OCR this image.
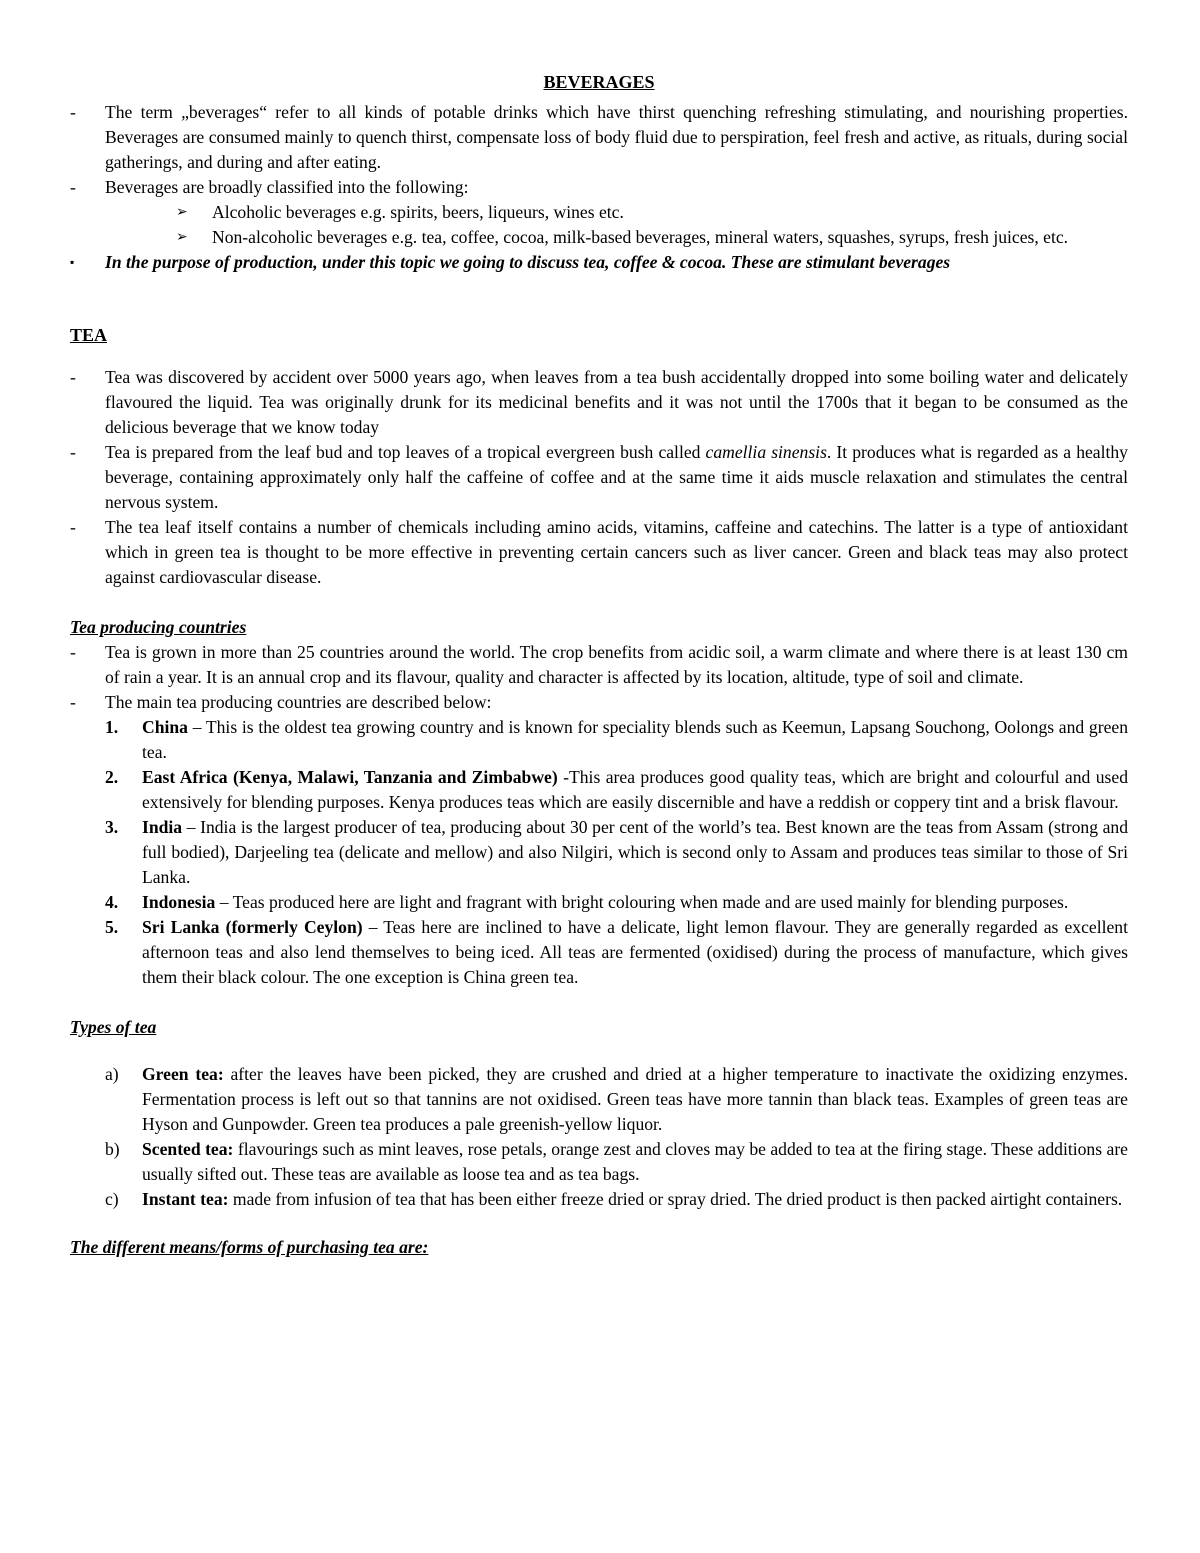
BEVERAGES
- The term „beverages“ refer to all kinds of potable drinks which have thirst quenching refreshing stimulating, and nourishing properties. Beverages are consumed mainly to quench thirst, compensate loss of body fluid due to perspiration, feel fresh and active, as rituals, during social gatherings, and during and after eating.
- Beverages are broadly classified into the following:
➢ Alcoholic beverages e.g. spirits, beers, liqueurs, wines etc.
➢ Non-alcoholic beverages e.g. tea, coffee, cocoa, milk-based beverages, mineral waters, squashes, syrups, fresh juices, etc.
▪ In the purpose of production, under this topic we going to discuss tea, coffee & cocoa. These are stimulant beverages
TEA
- Tea was discovered by accident over 5000 years ago, when leaves from a tea bush accidentally dropped into some boiling water and delicately flavoured the liquid. Tea was originally drunk for its medicinal benefits and it was not until the 1700s that it began to be consumed as the delicious beverage that we know today
- Tea is prepared from the leaf bud and top leaves of a tropical evergreen bush called camellia sinensis. It produces what is regarded as a healthy beverage, containing approximately only half the caffeine of coffee and at the same time it aids muscle relaxation and stimulates the central nervous system.
- The tea leaf itself contains a number of chemicals including amino acids, vitamins, caffeine and catechins. The latter is a type of antioxidant which in green tea is thought to be more effective in preventing certain cancers such as liver cancer. Green and black teas may also protect against cardiovascular disease.
Tea producing countries
- Tea is grown in more than 25 countries around the world. The crop benefits from acidic soil, a warm climate and where there is at least 130 cm of rain a year. It is an annual crop and its flavour, quality and character is affected by its location, altitude, type of soil and climate.
- The main tea producing countries are described below:
1. China – This is the oldest tea growing country and is known for speciality blends such as Keemun, Lapsang Souchong, Oolongs and green tea.
2. East Africa (Kenya, Malawi, Tanzania and Zimbabwe) -This area produces good quality teas, which are bright and colourful and used extensively for blending purposes. Kenya produces teas which are easily discernible and have a reddish or coppery tint and a brisk flavour.
3. India – India is the largest producer of tea, producing about 30 per cent of the world’s tea. Best known are the teas from Assam (strong and full bodied), Darjeeling tea (delicate and mellow) and also Nilgiri, which is second only to Assam and produces teas similar to those of Sri Lanka.
4. Indonesia – Teas produced here are light and fragrant with bright colouring when made and are used mainly for blending purposes.
5. Sri Lanka (formerly Ceylon) – Teas here are inclined to have a delicate, light lemon flavour. They are generally regarded as excellent afternoon teas and also lend themselves to being iced. All teas are fermented (oxidised) during the process of manufacture, which gives them their black colour. The one exception is China green tea.
Types of tea
a) Green tea: after the leaves have been picked, they are crushed and dried at a higher temperature to inactivate the oxidizing enzymes. Fermentation process is left out so that tannins are not oxidised. Green teas have more tannin than black teas. Examples of green teas are Hyson and Gunpowder. Green tea produces a pale greenish-yellow liquor.
b) Scented tea: flavourings such as mint leaves, rose petals, orange zest and cloves may be added to tea at the firing stage. These additions are usually sifted out. These teas are available as loose tea and as tea bags.
c) Instant tea: made from infusion of tea that has been either freeze dried or spray dried. The dried product is then packed airtight containers.
The different means/forms of purchasing tea are:
